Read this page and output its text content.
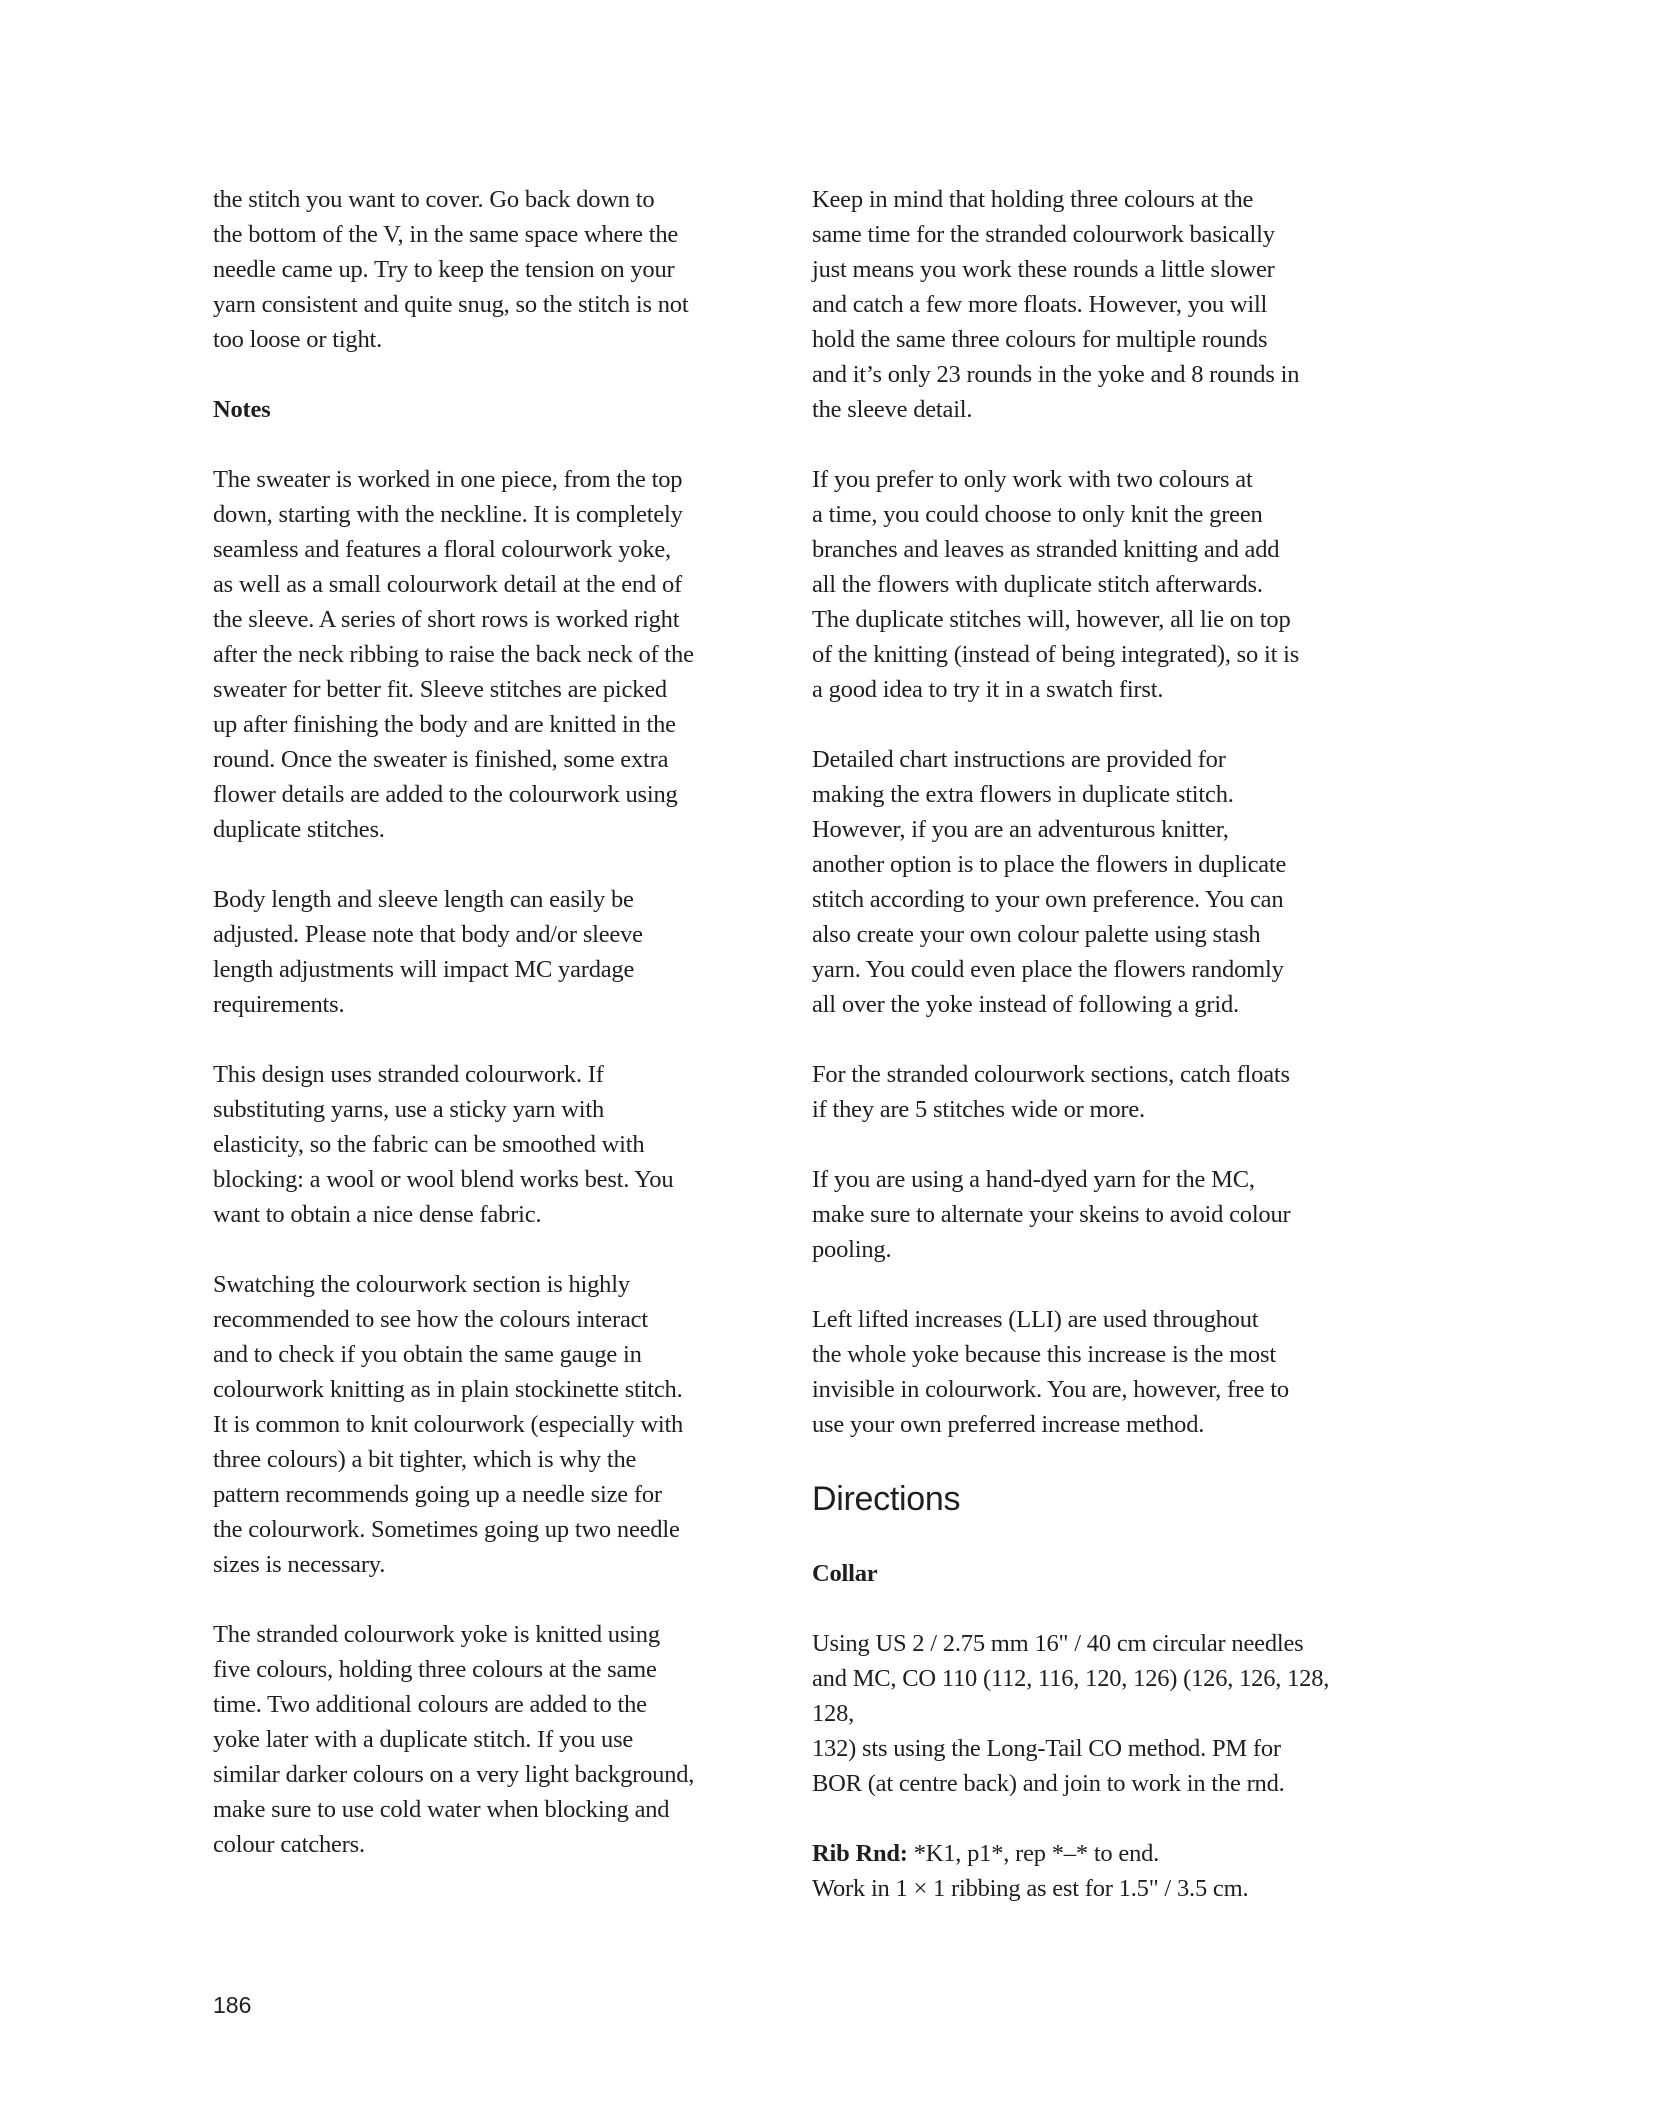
the stitch you want to cover. Go back down to
the bottom of the V, in the same space where the
needle came up. Try to keep the tension on your
yarn consistent and quite snug, so the stitch is not
too loose or tight.

Notes

The sweater is worked in one piece, from the top
down, starting with the neckline. It is completely
seamless and features a floral colourwork yoke,
as well as a small colourwork detail at the end of
the sleeve. A series of short rows is worked right
after the neck ribbing to raise the back neck of the
sweater for better fit. Sleeve stitches are picked
up after finishing the body and are knitted in the
round. Once the sweater is finished, some extra
flower details are added to the colourwork using
duplicate stitches.

Body length and sleeve length can easily be
adjusted. Please note that body and/or sleeve
length adjustments will impact MC yardage
requirements.

This design uses stranded colourwork. If
substituting yarns, use a sticky yarn with
elasticity, so the fabric can be smoothed with
blocking: a wool or wool blend works best. You
want to obtain a nice dense fabric.

Swatching the colourwork section is highly
recommended to see how the colours interact
and to check if you obtain the same gauge in
colourwork knitting as in plain stockinette stitch.
It is common to knit colourwork (especially with
three colours) a bit tighter, which is why the
pattern recommends going up a needle size for
the colourwork. Sometimes going up two needle
sizes is necessary.

The stranded colourwork yoke is knitted using
five colours, holding three colours at the same
time. Two additional colours are added to the
yoke later with a duplicate stitch. If you use
similar darker colours on a very light background,
make sure to use cold water when blocking and
colour catchers.

Keep in mind that holding three colours at the
same time for the stranded colourwork basically
just means you work these rounds a little slower
and catch a few more floats. However, you will
hold the same three colours for multiple rounds
and it’s only 23 rounds in the yoke and 8 rounds in
the sleeve detail.

If you prefer to only work with two colours at
a time, you could choose to only knit the green
branches and leaves as stranded knitting and add
all the flowers with duplicate stitch afterwards.
The duplicate stitches will, however, all lie on top
of the knitting (instead of being integrated), so it is
a good idea to try it in a swatch first.

Detailed chart instructions are provided for
making the extra flowers in duplicate stitch.
However, if you are an adventurous knitter,
another option is to place the flowers in duplicate
stitch according to your own preference. You can
also create your own colour palette using stash
yarn. You could even place the flowers randomly
all over the yoke instead of following a grid.

For the stranded colourwork sections, catch floats
if they are 5 stitches wide or more.

If you are using a hand-dyed yarn for the MC,
make sure to alternate your skeins to avoid colour
pooling.

Left lifted increases (LLI) are used throughout
the whole yoke because this increase is the most
invisible in colourwork. You are, however, free to
use your own preferred increase method.

Directions
Collar

Using US 2 / 2.75 mm 16" / 40 cm circular needles
and MC, CO 110 (112, 116, 120, 126) (126, 126, 128, 128,
132) sts using the Long-Tail CO method. PM for
BOR (at centre back) and join to work in the rnd.

Rib Rnd: *K1, p1*, rep *–* to end.
Work in 1 × 1 ribbing as est for 1.5" / 3.5 cm.

186
